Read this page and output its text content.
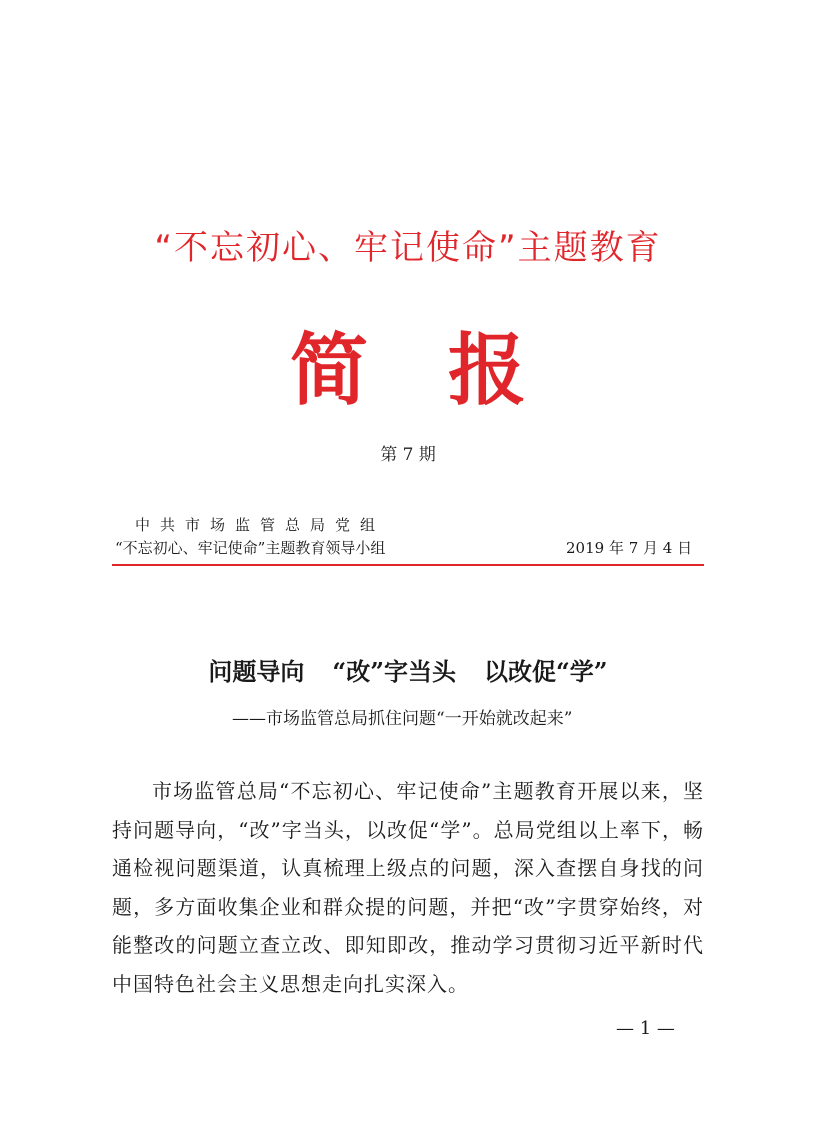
“不忘初心、牢记使命”主题教育
简报
第 7 期
中共市场监管总局党组
“不忘初心、牢记使命”主题教育领导小组	2019 年 7 月 4 日
问题导向 “改”字当头 以改促“学”
——市场监管总局抓住问题“一开始就改起来”
市场监管总局“不忘初心、牢记使命”主题教育开展以来，坚持问题导向，“改”字当头，以改促“学”。总局党组以上率下，畅通检视问题渠道，认真梳理上级点的问题，深入查摆自身找的问题，多方面收集企业和群众提的问题，并把“改”字贯穿始终，对能整改的问题立查立改、即知即改，推动学习贯彻习近平新时代中国特色社会主义思想走向扎实深入。
— 1 —
